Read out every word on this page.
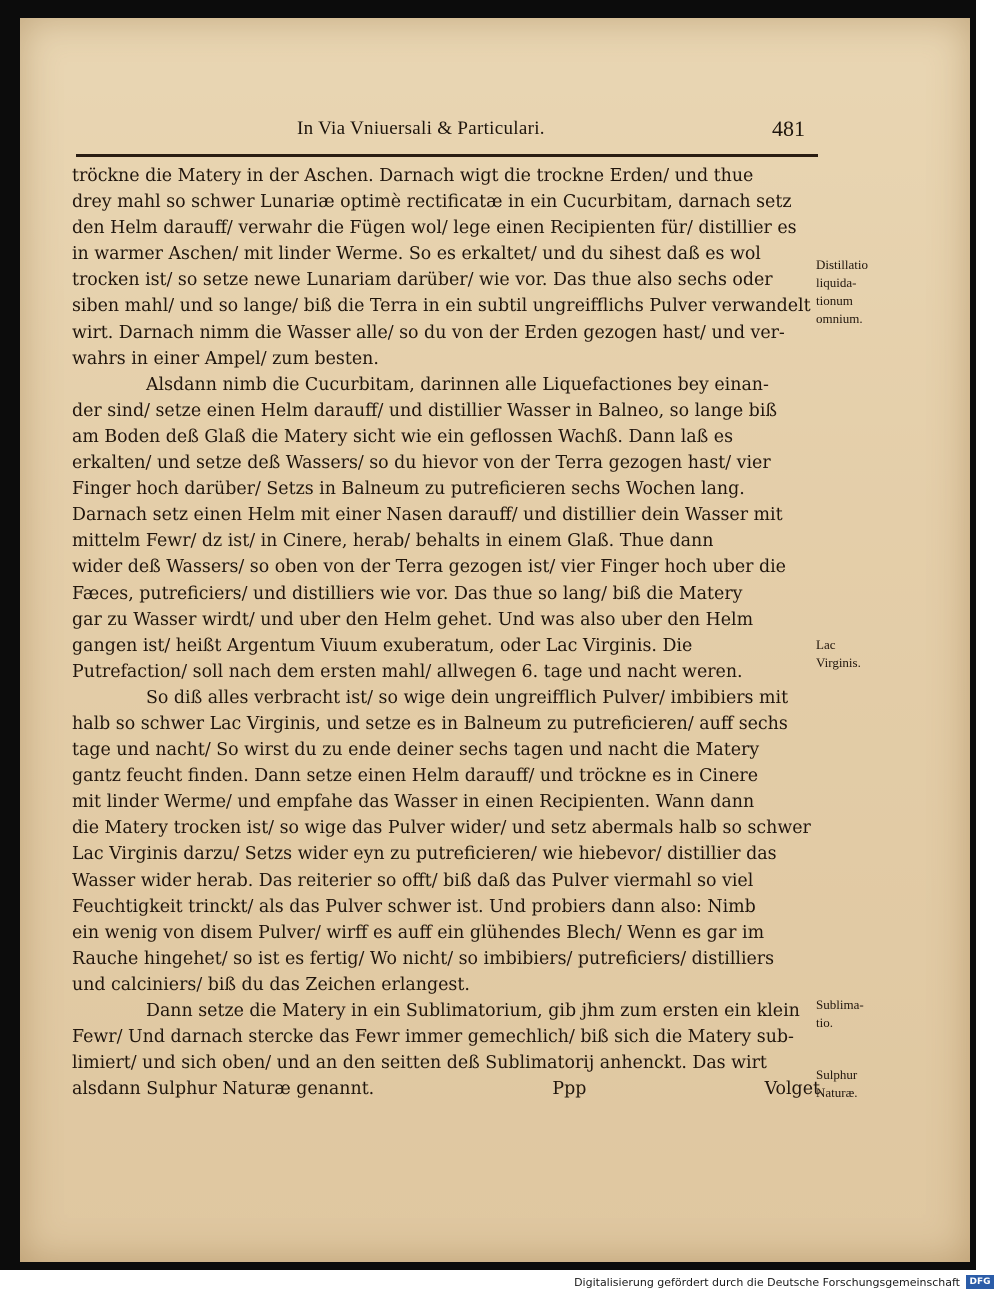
In Via Vniuersali & Particulari.	481
tröckne die Matery in der Aschen. Darnach wigt die trockne Erden/ und thue
drey mahl so schwer Lunariæ optimè rectificatæ in ein Cucurbitam, darnach setz
den Helm darauff/ verwahr die Fügen wol/ lege einen Recipienten für/ distillier es
in warmer Aschen/ mit linder Werme. So es erkaltet/ und du sihest daß es wol
trocken ist/ so setze newe Lunariam darüber/ wie vor. Das thue also sechs oder
siben mahl/ und so lange/ biß die Terra in ein subtil ungreifflichs Pulver verwandelt
wirt. Darnach nimm die Wasser alle/ so du von der Erden gezogen hast/ und ver-
wahrs in einer Ampel/ zum besten.
Alsdann nimb die Cucurbitam, darinnen alle Liquefactiones bey einan-
der sind/ setze einen Helm darauff/ und distillier Wasser in Balneo, so lange biß
am Boden deß Glaß die Matery sicht wie ein geflossen Wachß. Dann laß es
erkalten/ und setze deß Wassers/ so du hievor von der Terra gezogen hast/ vier
Finger hoch darüber/ Setzs in Balneum zu putreficieren sechs Wochen lang.
Darnach setz einen Helm mit einer Nasen darauff/ und distillier dein Wasser mit
mittelm Fewr/ dz ist/ in Cinere, herab/ behalts in einem Glaß. Thue dann
wider deß Wassers/ so oben von der Terra gezogen ist/ vier Finger hoch uber die
Fæces, putreficiers/ und distilliers wie vor. Das thue so lang/ biß die Matery
gar zu Wasser wirdt/ und uber den Helm gehet. Und was also uber den Helm
gangen ist/ heißt Argentum Viuum exuberatum, oder Lac Virginis. Die
Putrefaction/ soll nach dem ersten mahl/ allwegen 6. tage und nacht weren.
So diß alles verbracht ist/ so wige dein ungreifflich Pulver/ imbibiers mit
halb so schwer Lac Virginis, und setze es in Balneum zu putreficieren/ auff sechs
tage und nacht/ So wirst du zu ende deiner sechs tagen und nacht die Matery
gantz feucht finden. Dann setze einen Helm darauff/ und tröckne es in Cinere
mit linder Werme/ und empfahe das Wasser in einen Recipienten. Wann dann
die Matery trocken ist/ so wige das Pulver wider/ und setz abermals halb so schwer
Lac Virginis darzu/ Setzs wider eyn zu putreficieren/ wie hiebevor/ distillier das
Wasser wider herab. Das reiterier so offt/ biß daß das Pulver viermahl so viel
Feuchtigkeit trinckt/ als das Pulver schwer ist. Und probiers dann also: Nimb
ein wenig von disem Pulver/ wirff es auff ein glühendes Blech/ Wenn es gar im
Rauche hingehet/ so ist es fertig/ Wo nicht/ so imbibiers/ putreficiers/ distilliers
und calciniers/ biß du das Zeichen erlangest.
Dann setze die Matery in ein Sublimatorium, gib jhm zum ersten ein klein
Fewr/ Und darnach stercke das Fewr immer gemechlich/ biß sich die Matery sub-
limiert/ und sich oben/ und an den seitten deß Sublimatorij anhenckt. Das wirt
alsdann Sulphur Naturæ genannt.	Ppp	Volget
Distillatio
liquida-
tionum
omnium.
Lac
Virginis.
Sublima-
tio.
Sulphur
Naturæ.
Digitalisierung gefördert durch die Deutsche Forschungsgemeinschaft	DFG
